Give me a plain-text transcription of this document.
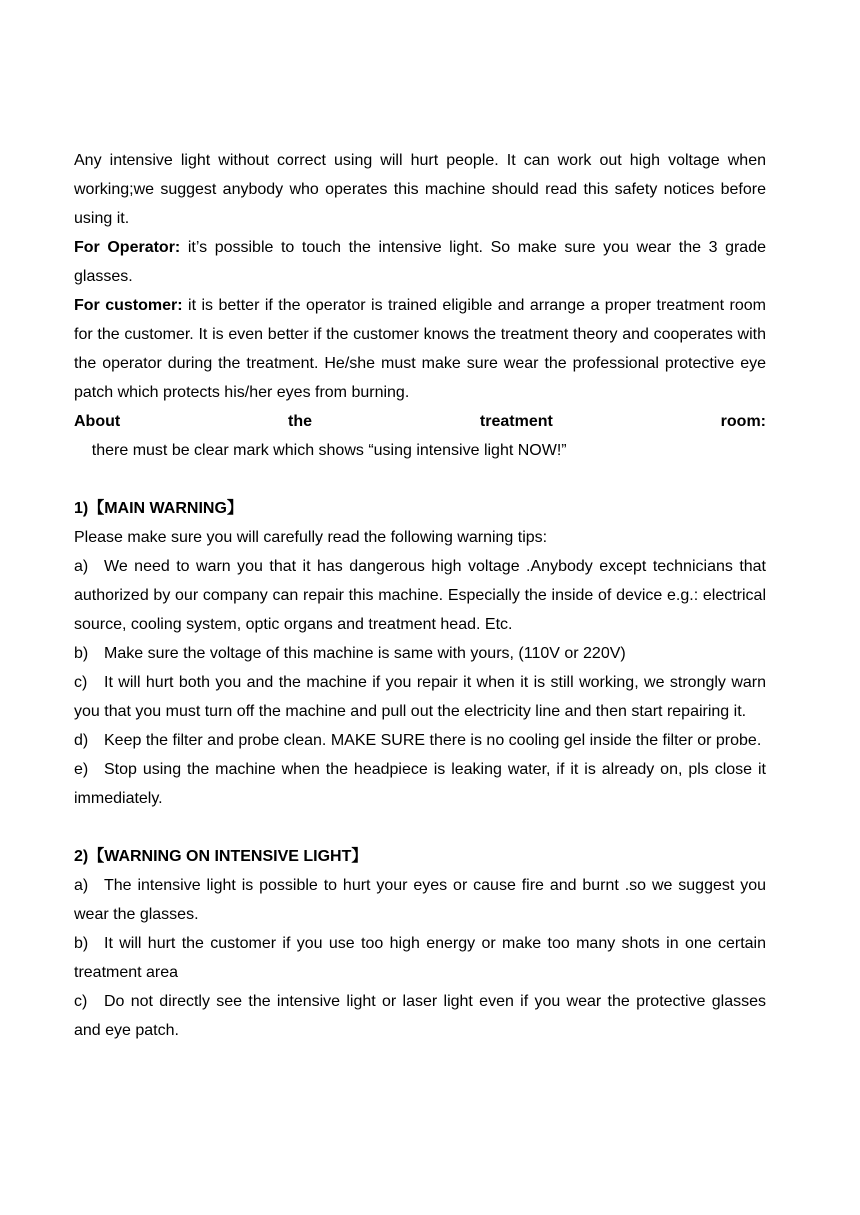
Any intensive light without correct using will hurt people. It can work out high voltage when working;we suggest anybody who operates this machine should read this safety notices before using it.

For Operator: it’s possible to touch the intensive light. So make sure you wear the 3 grade glasses.

For customer: it is better if the operator is trained eligible and arrange a proper treatment room for the customer. It is even better if the customer knows the treatment theory and cooperates with the operator during the treatment. He/she must make sure wear the professional protective eye patch which protects his/her eyes from burning.

About the treatment room:    there must be clear mark which shows “using intensive light NOW!”

1)【MAIN WARNING】

Please make sure you will carefully read the following warning tips:

a) We need to warn you that it has dangerous high voltage .Anybody except technicians that authorized by our company can repair this machine. Especially the inside of device e.g.: electrical source, cooling system, optic organs and treatment head. Etc.

b) Make sure the voltage of this machine is same with yours, (110V or 220V)

c) It will hurt both you and the machine if you repair it when it is still working, we strongly warn you that you must turn off the machine and pull out the electricity line and then start repairing it.

d) Keep the filter and probe clean. MAKE SURE there is no cooling gel inside the filter or probe.

e) Stop using the machine when the headpiece is leaking water, if it is already on, pls close it immediately.

2)【WARNING ON INTENSIVE LIGHT】

a) The intensive light is possible to hurt your eyes or cause fire and burnt .so we suggest you wear the glasses.

b) It will hurt the customer if you use too high energy or make too many shots in one certain treatment area

c) Do not directly see the intensive light or laser light even if you wear the protective glasses and eye patch.
